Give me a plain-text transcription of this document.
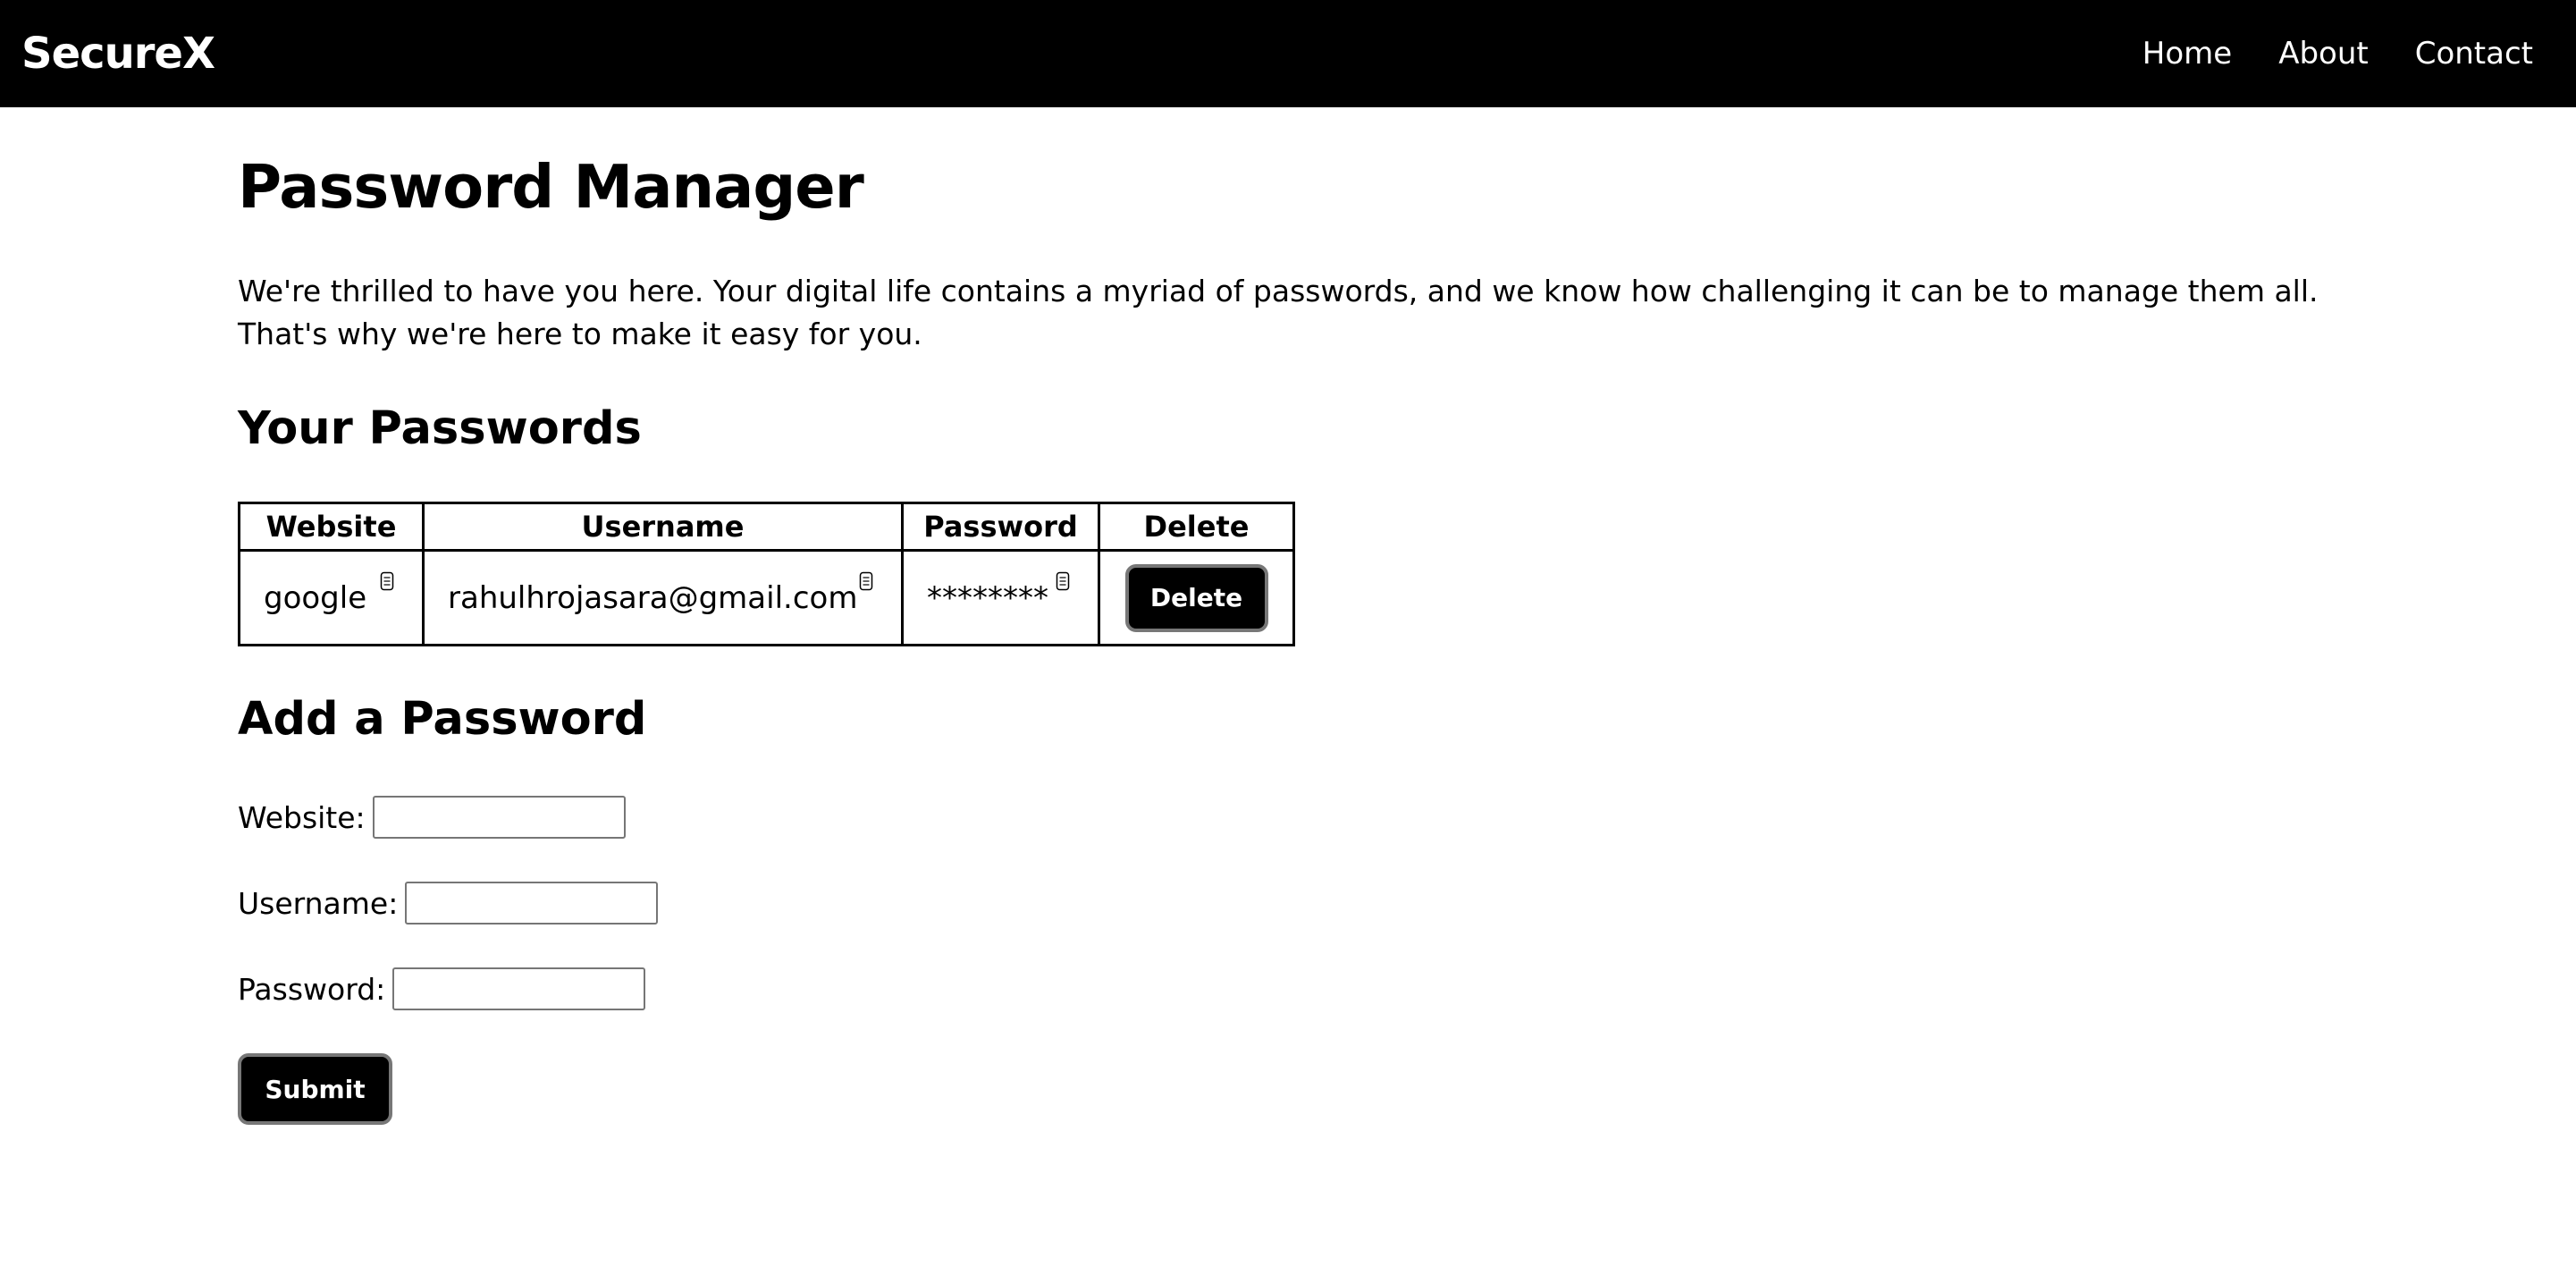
SecureX	Home About Contact
Password Manager

We're thrilled to have you here. Your digital life contains a myriad of passwords, and we know how challenging it can be to manage them all. That's why we're here to make it easy for you.

Your Passwords
Website	Username	Password	Delete
google	rahulhrojasara@gmail.com	********	Delete
Add a Password
Website:
Username:
Password:
Submit
